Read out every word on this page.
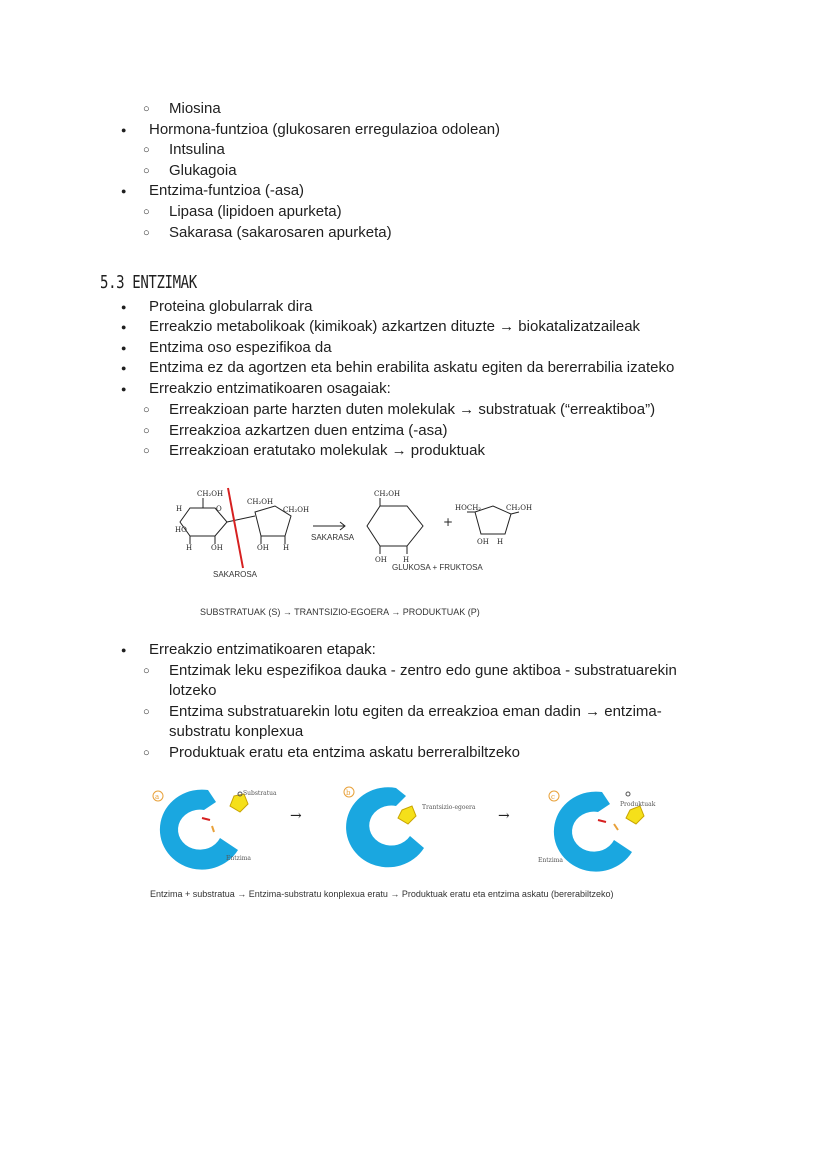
Miosina
Hormona-funtzioa (glukosaren erregulazioa odolean)
Intsulina
Glukagoia
Entzima-funtzioa (-asa)
Lipasa (lipidoen apurketa)
Sakarasa (sakarosaren apurketa)
5.3 ENTZIMAK
Proteina globularrak dira
Erreakzio metabolikoak (kimikoak) azkartzen dituzte → biokatalizatzaileak
Entzima oso espezifikoa da
Entzima ez da agortzen eta behin erabilita askatu egiten da bererrabilia izateko
Erreakzio entzimatikoaren osagaiak:
Erreakzioan parte harzten duten molekulak → substratuak (“erreaktiboa”)
Erreakzioa azkartzen duen entzima (-asa)
Erreakzioan eratutako molekulak → produktuak
CH₂OH
H	O
HO
H	OH
CH₂OH
CH₂OH
OH H
CH₂OH
OH H
HOCH₂	CH₂OH
OH H
+
SAKARASA
SAKAROSA
GLUKOSA + FRUKTOSA
SUBSTRATUAK (S) → TRANTSIZIO-EGOERA → PRODUKTUAK (P)
Erreakzio entzimatikoaren etapak:
Entzimak leku espezifikoa dauka - zentro edo gune aktiboa - substratuarekin lotzeko
Entzima substratuarekin lotu egiten da erreakzioa eman dadin → entzima-substratu konplexua
Produktuak eratu eta entzima askatu berreralbiltzeko
a	Substratua
Entzima
→
b
Trantsizio-egoera
→
c
Produktuak
Entzima
Entzima + substratua → Entzima-substratu konplexua eratu → Produktuak eratu eta entzima askatu (bererabiltzeko)
